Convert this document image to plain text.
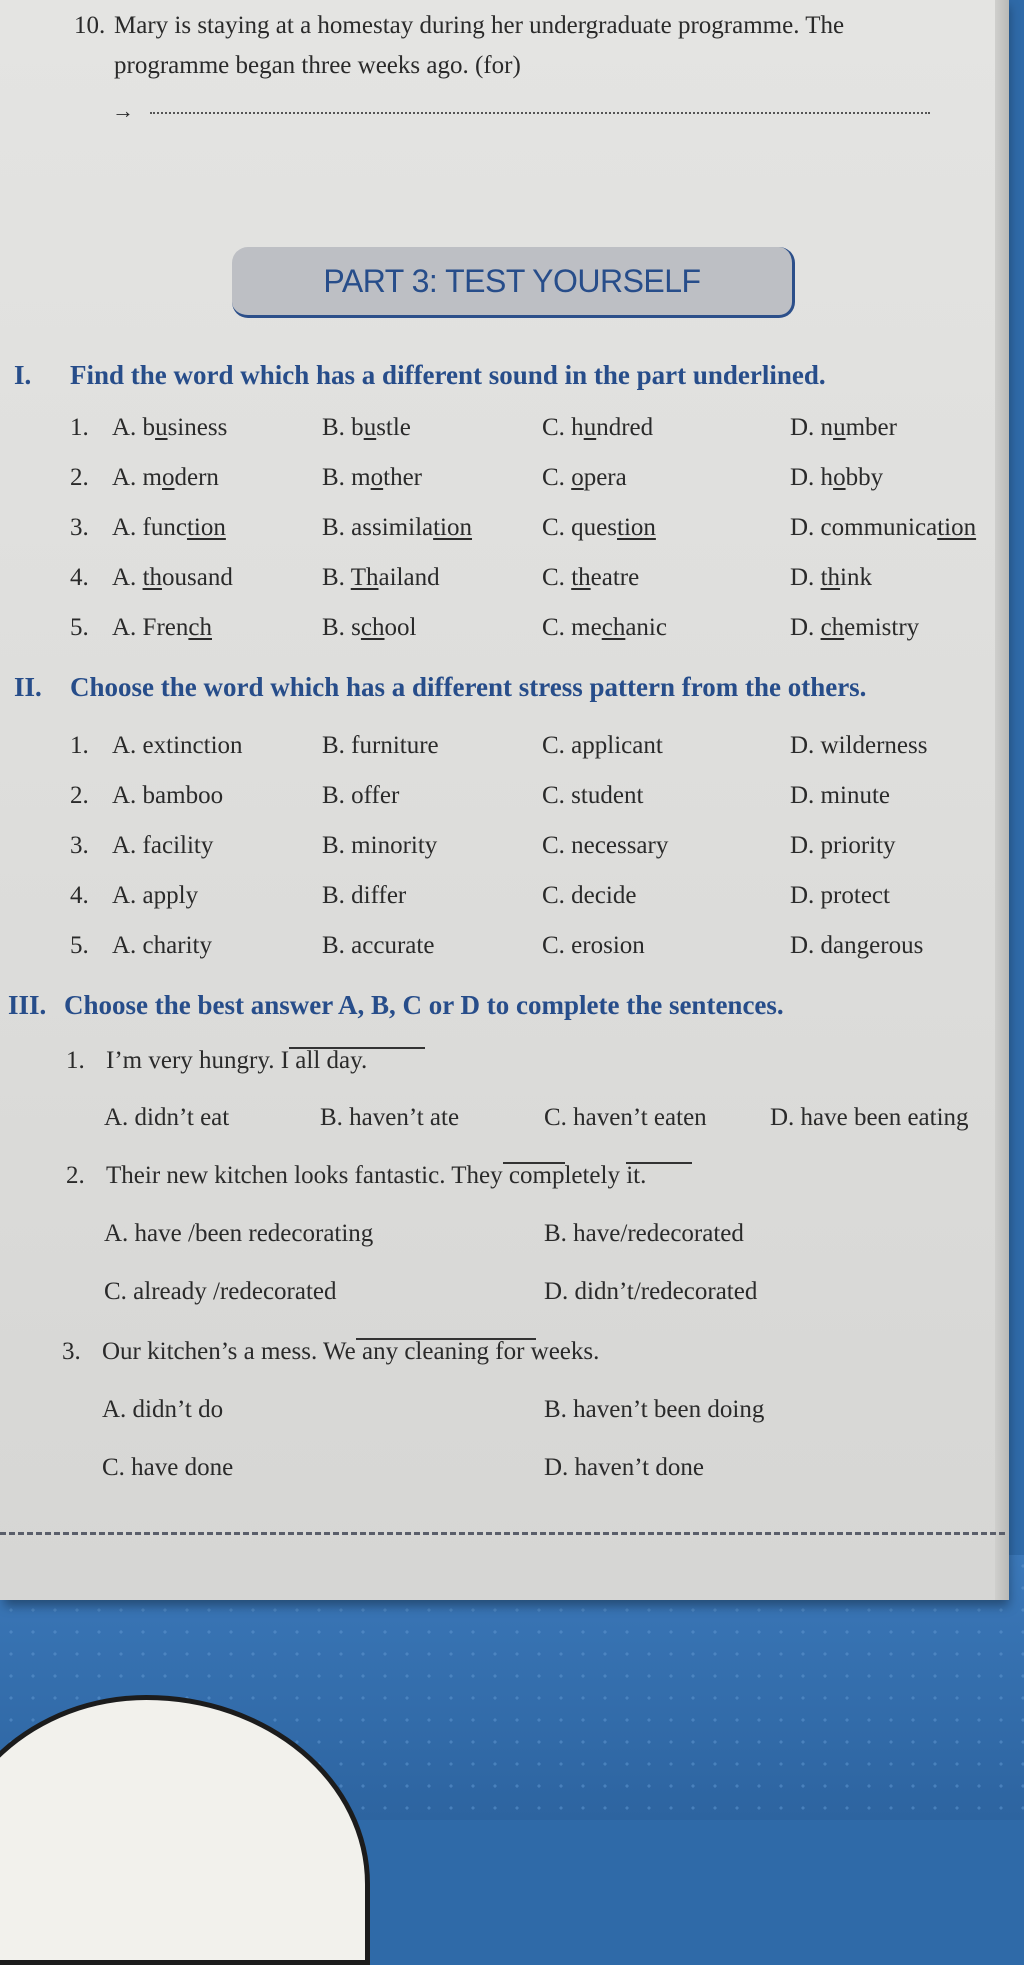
10. Mary is staying at a homestay during her undergraduate programme. The
programme began three weeks ago. (for)
→
PART 3: TEST YOURSELF
I. Find the word which has a different sound in the part underlined.
1. A. business	B. bustle	C. hundred	D. number
2. A. modern	B. mother	C. opera	D. hobby
3. A. function	B. assimilation	C. question	D. communication
4. A. thousand	B. Thailand	C. theatre	D. think
5. A. French	B. school	C. mechanic	D. chemistry
II. Choose the word which has a different stress pattern from the others.
1. A. extinction	B. furniture	C. applicant	D. wilderness
2. A. bamboo	B. offer	C. student	D. minute
3. A. facility	B. minority	C. necessary	D. priority
4. A. apply	B. differ	C. decide	D. protect
5. A. charity	B. accurate	C. erosion	D. dangerous
III. Choose the best answer A, B, C or D to complete the sentences.
1. I’m very hungry. I all day.
A. didn’t eat	B. haven’t ate	C. haven’t eaten	D. have been eating
2. Their new kitchen looks fantastic. They completely it.
A. have /been redecorating	B. have/redecorated
C. already /redecorated	D. didn’t/redecorated
3. Our kitchen’s a mess. We any cleaning for weeks.
A. didn’t do	B. haven’t been doing
C. have done	D. haven’t done
